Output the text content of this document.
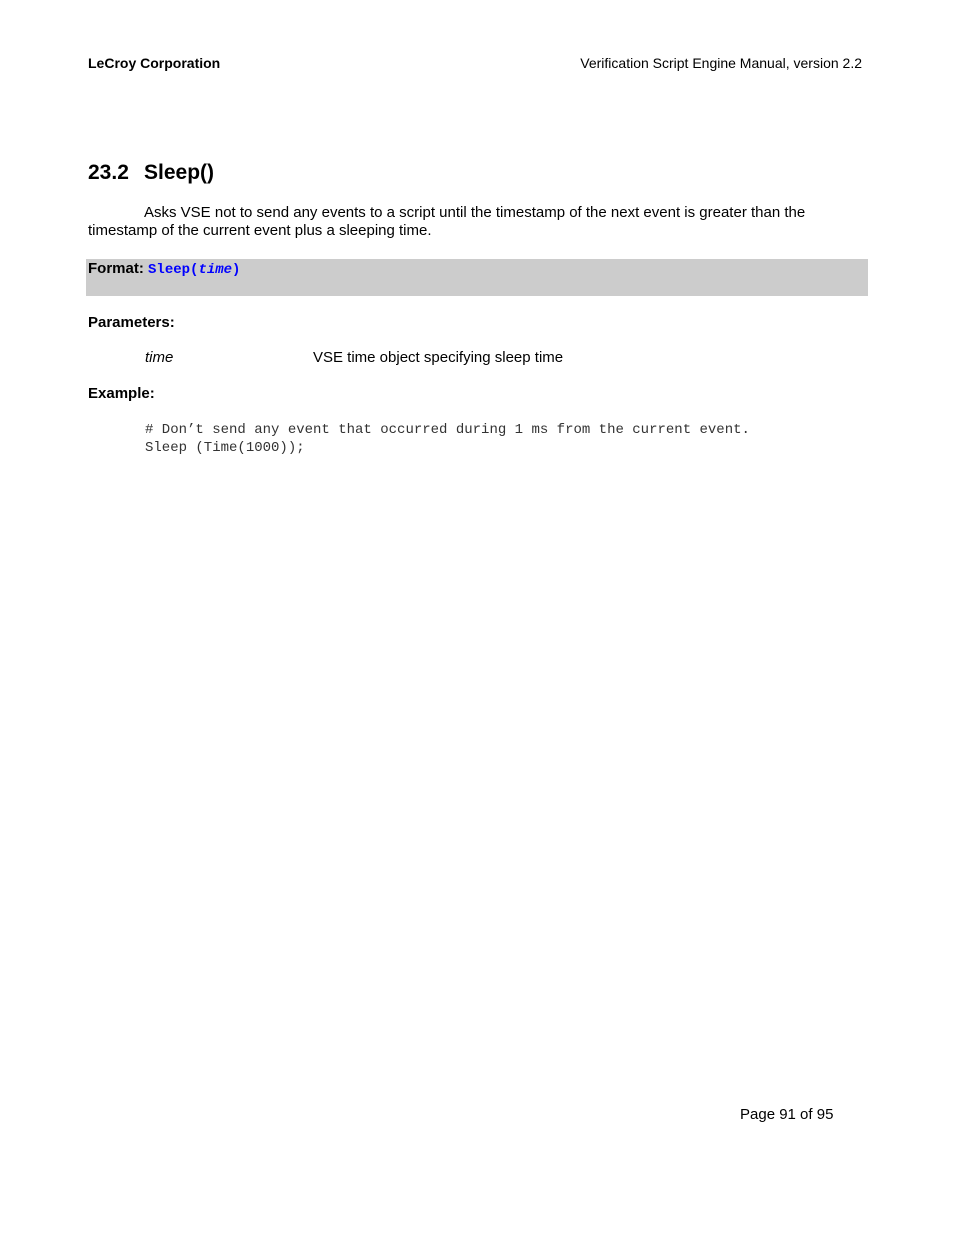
LeCroy Corporation	Verification Script Engine Manual, version 2.2
23.2 Sleep()
Asks VSE not to send any events to a script until the timestamp of the next event is greater than the timestamp of the current event plus a sleeping time.
Format: Sleep(time)
Parameters:
time	VSE time object specifying sleep time
Example:
# Don’t send any event that occurred during 1 ms from the current event.
Sleep (Time(1000));
Page 91 of 95
